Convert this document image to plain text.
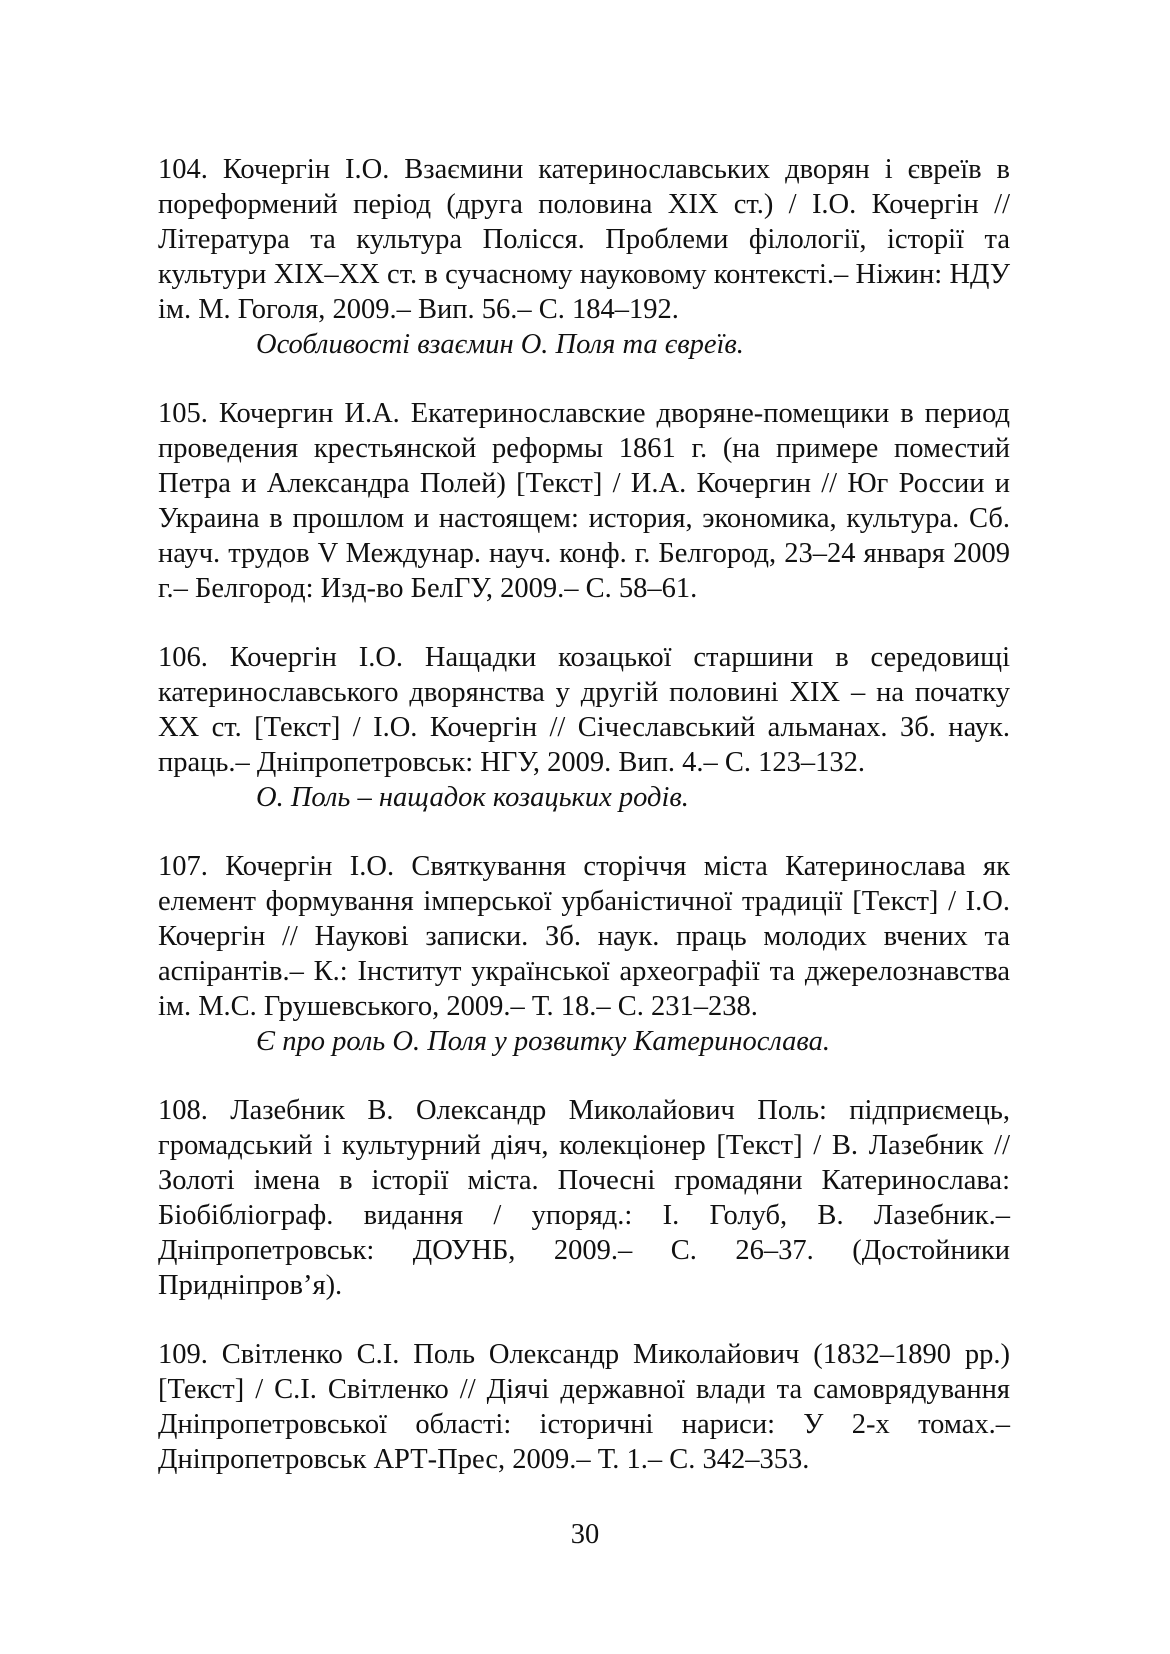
104. Кочергін І.О. Взаємини катеринославських дворян і євреїв в пореформений період (друга половина ХІХ ст.) / І.О. Кочергін // Література та культура Полісся. Проблеми філології, історії та культури ХІХ–ХХ ст. в сучасному науковому контексті.– Ніжин: НДУ ім. М. Гоголя, 2009.– Вип. 56.– С. 184–192.

Особливості взаємин О. Поля та євреїв.

105. Кочергин И.А. Екатеринославские дворяне-помещики в период проведения крестьянской реформы 1861 г. (на примере поместий Петра и Александра Полей) [Текст] / И.А. Кочергин // Юг России и Украина в прошлом и настоящем: история, экономика, культура. Сб. науч. трудов V Междунар. науч. конф. г. Белгород, 23–24 января 2009 г.– Белгород: Изд-во БелГУ, 2009.– С. 58–61.

106. Кочергін І.О. Нащадки козацької старшини в середовищі катеринославського дворянства у другій половині ХІХ – на початку ХХ ст. [Текст] / І.О. Кочергін // Січеславський альманах. Зб. наук. праць.– Дніпропетровськ: НГУ, 2009. Вип. 4.– С. 123–132.

О. Поль – нащадок козацьких родів.

107. Кочергін І.О. Святкування сторіччя міста Катеринослава як елемент формування імперської урбаністичної традиції [Текст] / І.О. Кочергін // Наукові записки. Зб. наук. праць молодих вчених та аспірантів.– К.: Інститут української археографії та джерелознавства ім. М.С. Грушевського, 2009.– Т. 18.– С. 231–238.

Є про роль О. Поля у розвитку Катеринослава.

108. Лазебник В. Олександр Миколайович Поль: підприємець, громадський і культурний діяч, колекціонер [Текст] / В. Лазебник // Золоті імена в історії міста. Почесні громадяни Катеринослава: Біобібліограф. видання / упоряд.: І. Голуб, В. Лазебник.– Дніпропетровськ: ДОУНБ, 2009.– С. 26–37. (Достойники Придніпров’я).

109. Світленко С.І. Поль Олександр Миколайович (1832–1890 рр.) [Текст] / С.І. Світленко // Діячі державної влади та самоврядування Дніпропетровської області: історичні нариси: У 2-х томах.– Дніпропетровськ АРТ-Прес, 2009.– Т. 1.– С. 342–353.

30
